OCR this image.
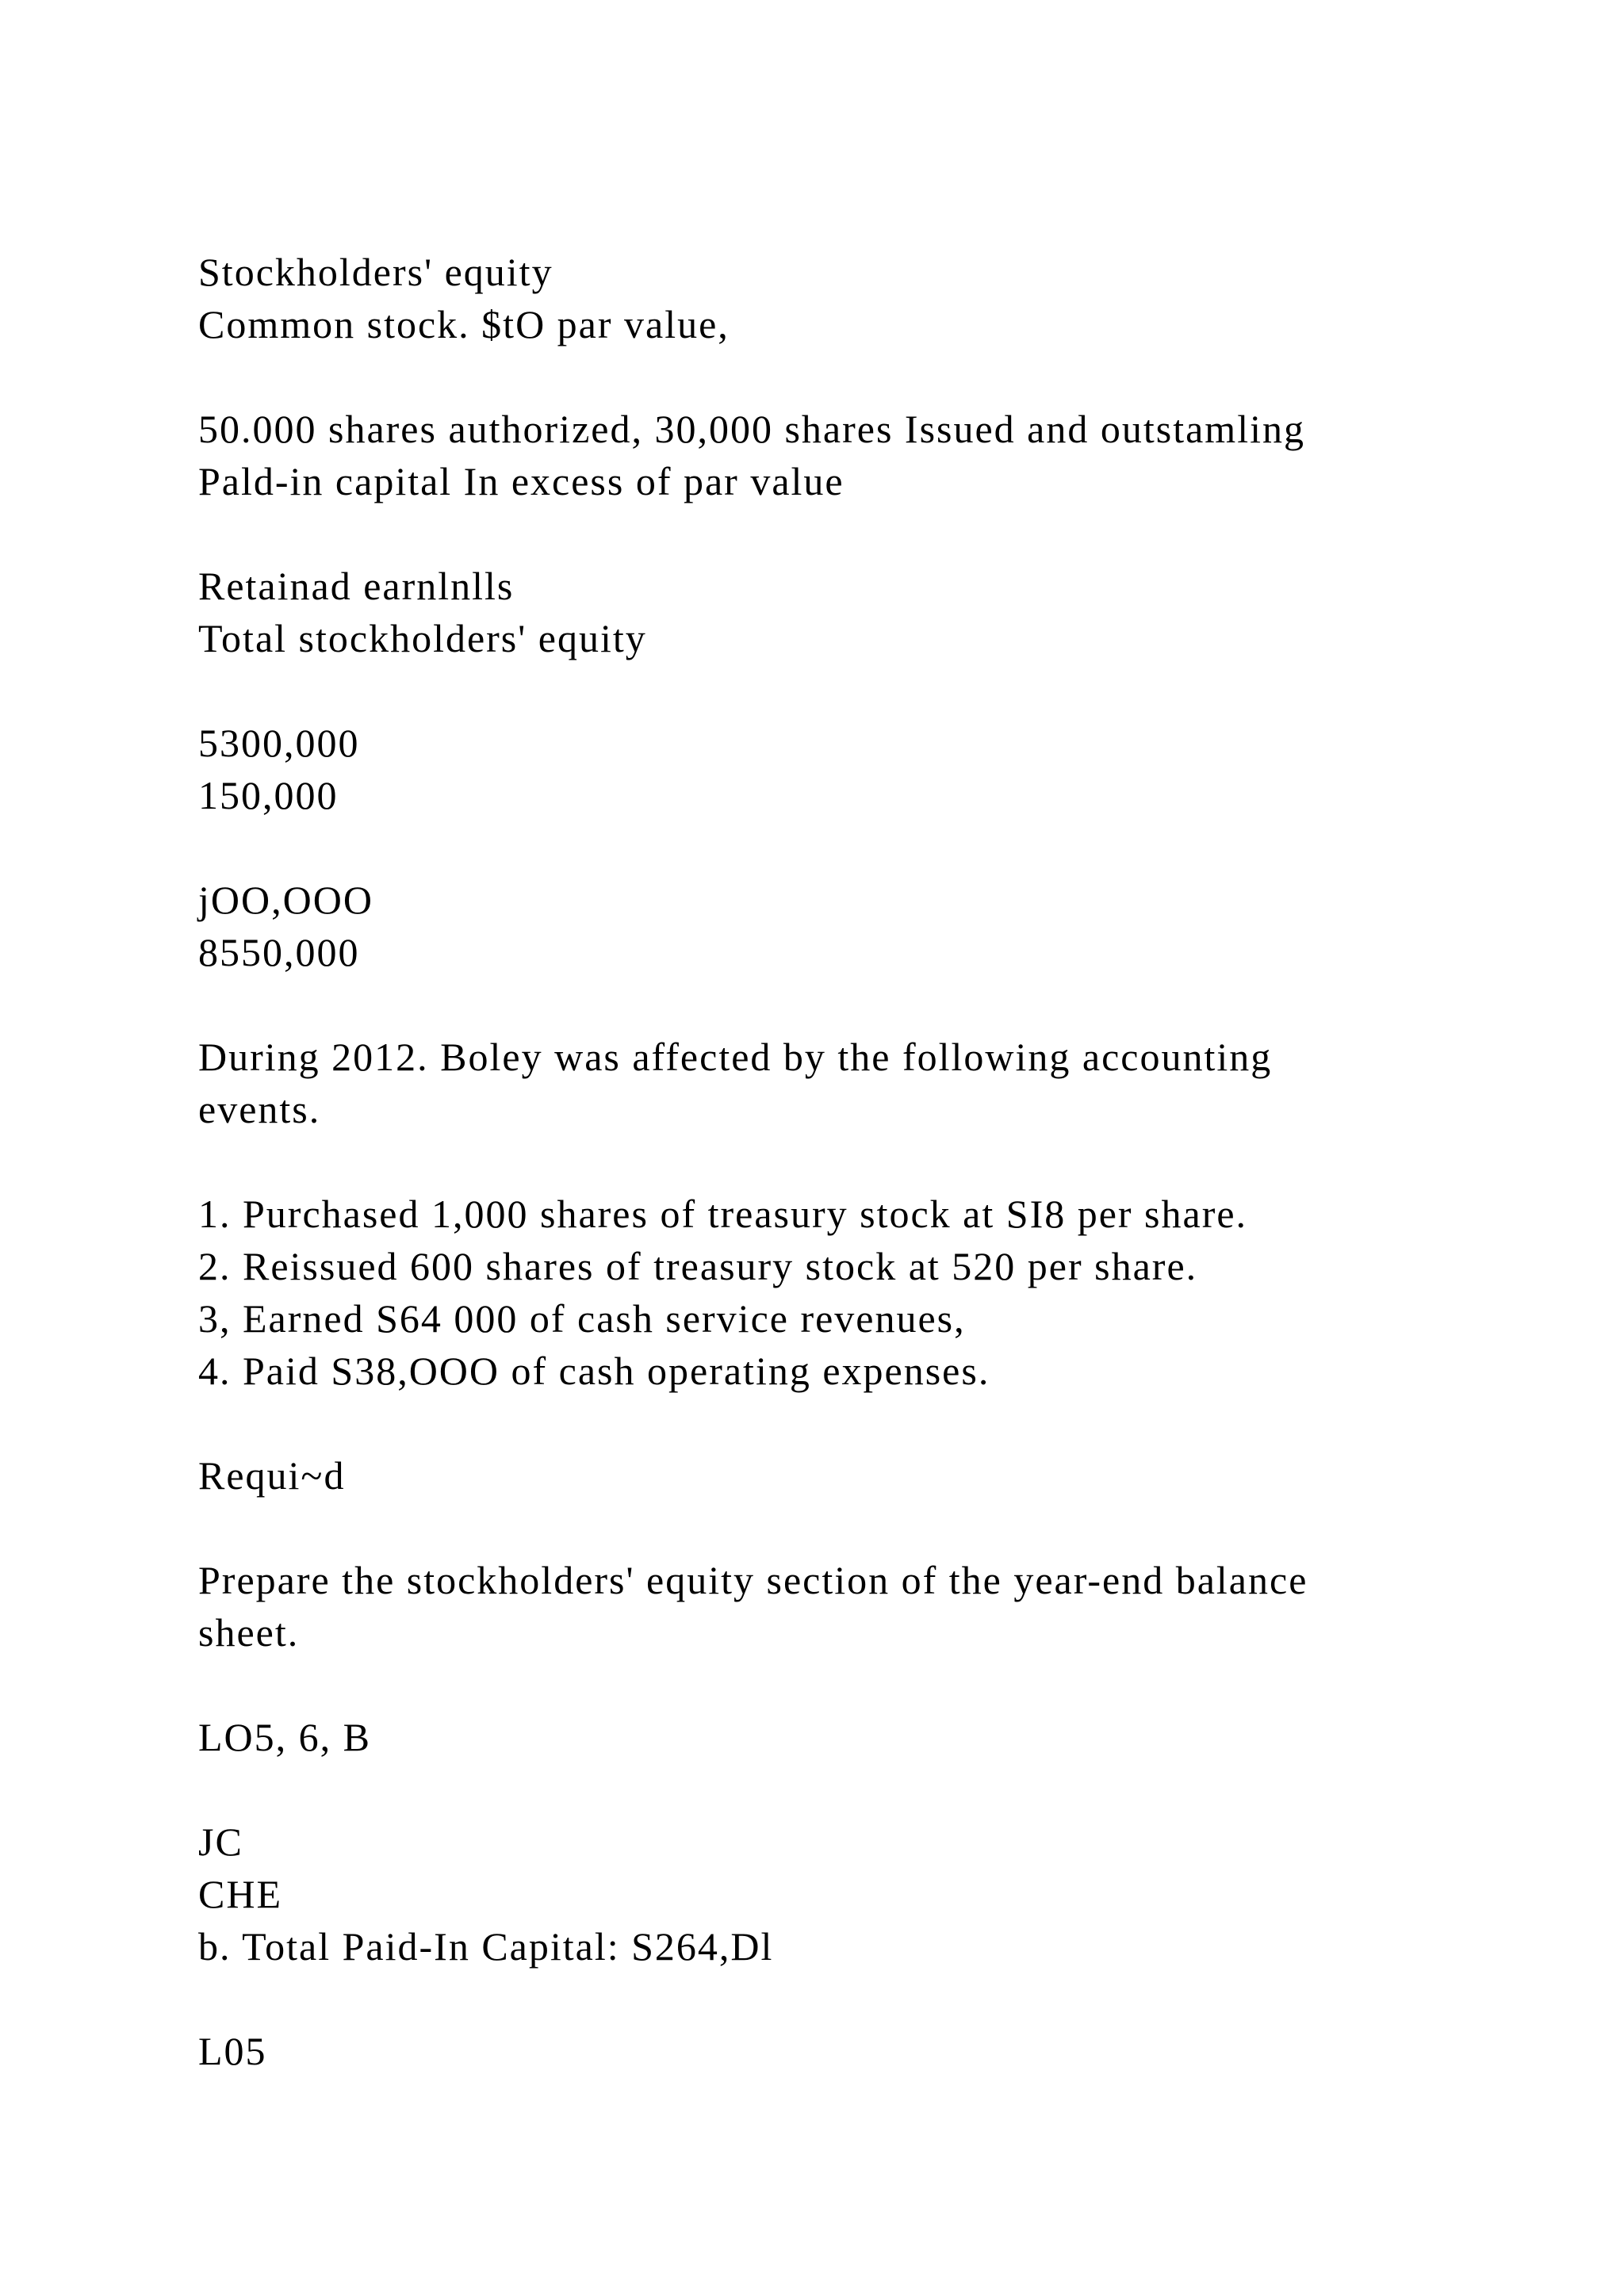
Stockholders' equity
Common stock. $tO par value,
50.000 shares authorized, 30,000 shares Issued and outstamling
Pald-in capital In excess of par value
Retainad earnlnlls
Total stockholders' equity
5300,000
150,000
jOO,OOO
8550,000
During 2012. Boley was affected by the following accounting
events.
1. Purchased 1,000 shares of treasury stock at SI8 per share.
2. Reissued 600 shares of treasury stock at 520 per share.
3, Earned S64 000 of cash service revenues,
4. Paid S38,OOO of cash operating expenses.
Requi~d
Prepare the stockholders' equity section of the year-end balance
sheet.
LO5, 6, B
JC
CHE
b. Total Paid-In Capital: S264,Dl
L05
